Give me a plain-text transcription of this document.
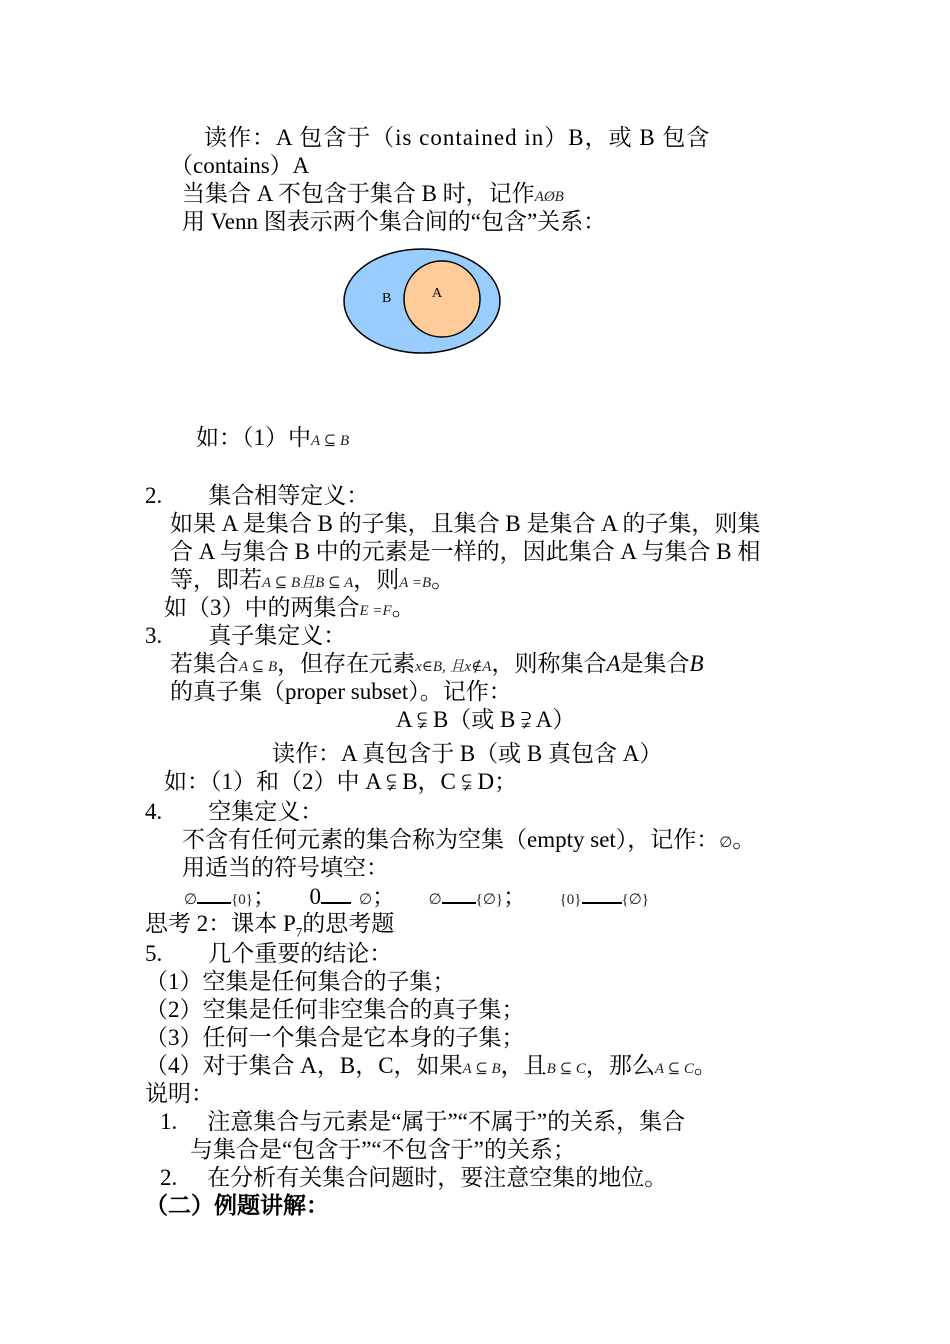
读作：A 包含于（is contained in）B，或 B 包含
（contains）A
当集合 A 不包含于集合 B 时，记作AØB
用 Venn 图表示两个集合间的“包含”关系：
B	A
如：（1）中A ⊆ B
2. 集合相等定义：
如果 A 是集合 B 的子集，且集合 B 是集合 A 的子集，则集
合 A 与集合 B 中的元素是一样的，因此集合 A 与集合 B 相
等，即若A ⊆ B且B ⊆ A，则A =B。
如（3）中的两集合E =F。
3. 真子集定义：
若集合A ⊆ B，但存在元素x∈B, 且x∉A，则称集合A是集合B
的真子集（proper subset）。记作：
A ⫋ B（或 B ⫌ A）
读作：A 真包含于 B（或 B 真包含 A）
如：（1）和（2）中 A ⫋ B，C ⫋ D；
4. 空集定义：
不含有任何元素的集合称为空集（empty set），记作：∅。
用适当的符号填空：
∅ {0}； 0	∅； ∅ {∅}； {0}	{∅}
思考 2：课本 $P_7$的思考题
5. 几个重要的结论：
（1）空集是任何集合的子集；
（2）空集是任何非空集合的真子集；
（3）任何一个集合是它本身的子集；
（4）对于集合 A，B，C，如果A ⊆ B，且B ⊆ C，那么A ⊆ C。
说明：
1. 注意集合与元素是“属于”“不属于”的关系，集合
与集合是“包含于”“不包含于”的关系；
2. 在分析有关集合问题时，要注意空集的地位。
（二）例题讲解：
